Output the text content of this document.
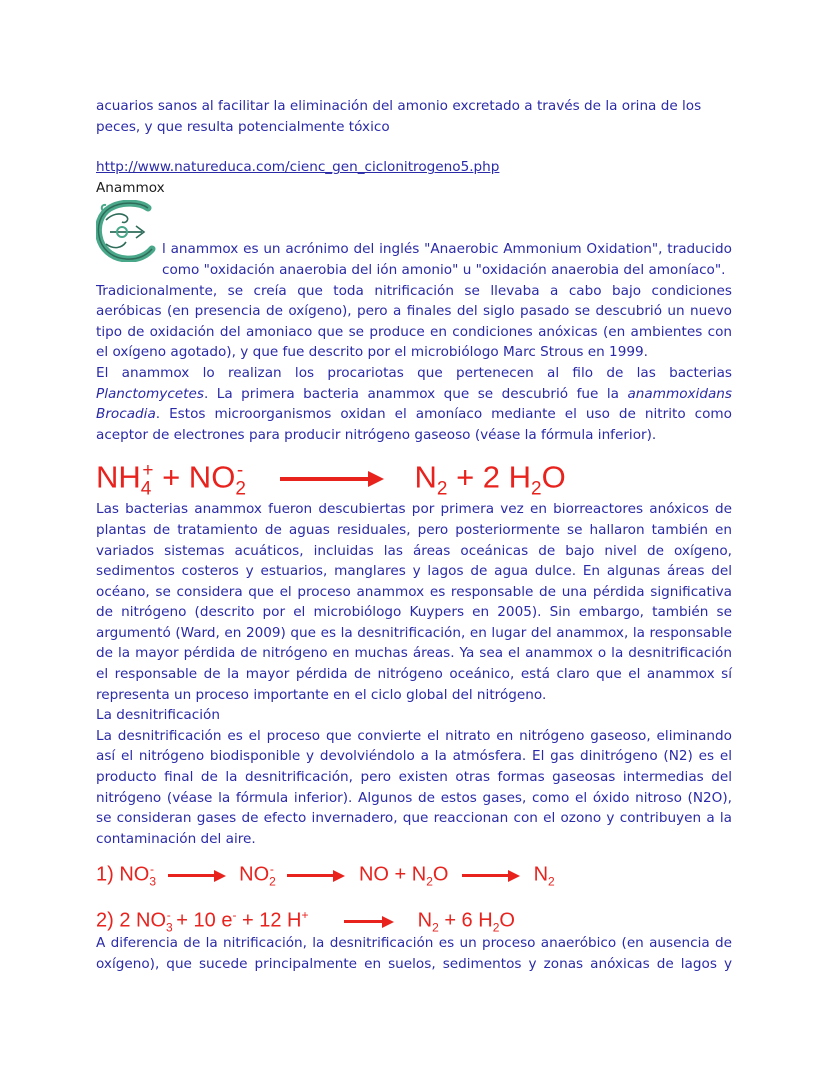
acuarios sanos al facilitar la eliminación del amonio excretado a través de la orina de los

peces, y que resulta potencialmente tóxico

http://www.natureduca.com/cienc_gen_ciclonitrogeno5.php

Anammox

l anammox es un acrónimo del inglés "Anaerobic Ammonium Oxidation", traducido como "oxidación anaerobia del ión amonio" u "oxidación anaerobia del amoníaco".

Tradicionalmente, se creía que toda nitrificación se llevaba a cabo bajo condiciones aeróbicas (en presencia de oxígeno), pero a finales del siglo pasado se descubrió un nuevo tipo de oxidación del amoniaco que se produce en condiciones anóxicas (en ambientes con el oxígeno agotado), y que fue descrito por el microbiólogo Marc Strous en 1999.

El anammox lo realizan los procariotas que pertenecen al filo de las bacterias Planctomycetes. La primera bacteria anammox que se descubrió fue la anammoxidans Brocadia. Estos microorganismos oxidan el amoníaco mediante el uso de nitrito como aceptor de electrones para producir nitrógeno gaseoso (véase la fórmula inferior).

$NH_4^+ + NO_2^-$	$N_2 + 2$ $H_2O$

Las bacterias anammox fueron descubiertas por primera vez en biorreactores anóxicos de plantas de tratamiento de aguas residuales, pero posteriormente se hallaron también en variados sistemas acuáticos, incluidas las áreas oceánicas de bajo nivel de oxígeno, sedimentos costeros y estuarios, manglares y lagos de agua dulce. En algunas áreas del océano, se considera que el proceso anammox es responsable de una pérdida significativa de nitrógeno (descrito por el microbiólogo Kuypers en 2005). Sin embargo, también se argumentó (Ward, en 2009) que es la desnitrificación, en lugar del anammox, la responsable de la mayor pérdida de nitrógeno en muchas áreas. Ya sea el anammox o la desnitrificación el responsable de la mayor pérdida de nitrógeno oceánico, está claro que el anammox sí representa un proceso importante en el ciclo global del nitrógeno.

La desnitrificación

La desnitrificación es el proceso que convierte el nitrato en nitrógeno gaseoso, eliminando así el nitrógeno biodisponible y devolviéndolo a la atmósfera. El gas dinitrógeno (N2) es el producto final de la desnitrificación, pero existen otras formas gaseosas intermedias del nitrógeno (véase la fórmula inferior). Algunos de estos gases, como el óxido nitroso (N2O), se consideran gases de efecto invernadero, que reaccionan con el ozono y contribuyen a la contaminación del aire.

1) $NO_3^-$	$NO_2^-$	NO + $N_2O$	$N_2$
2) 2 $NO_3^- + 10$ e- + 12 H+	$N_2 + 6$ $H_2O$

A diferencia de la nitrificación, la desnitrificación es un proceso anaeróbico (en ausencia de oxígeno), que sucede principalmente en suelos, sedimentos y zonas anóxicas de lagos y
